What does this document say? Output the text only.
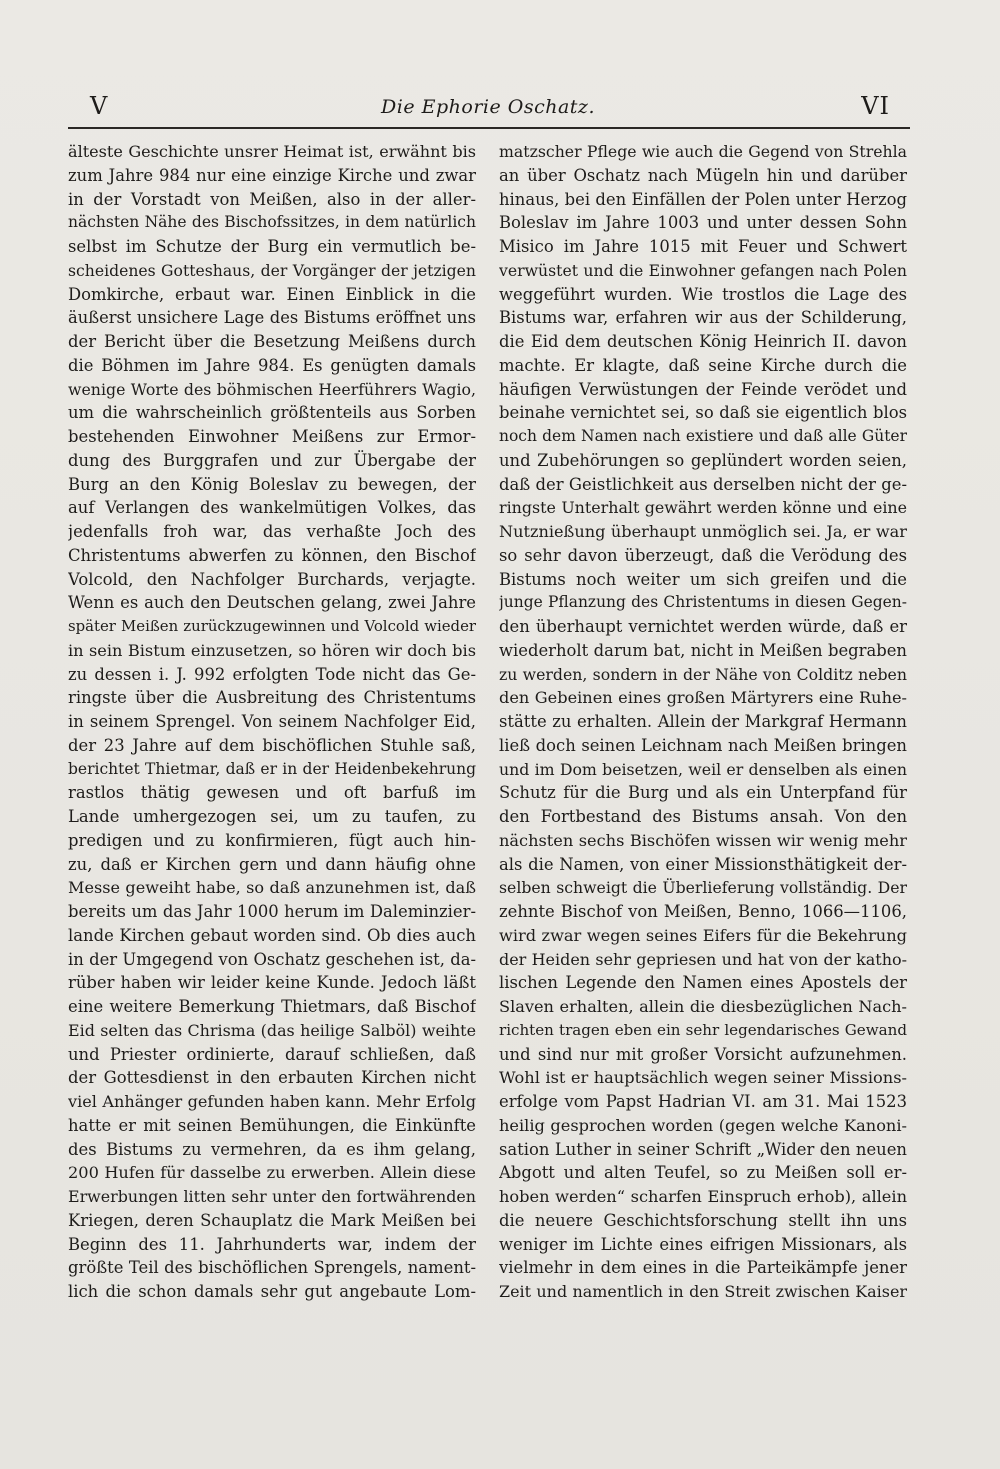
V	Die Ephorie Oschatz.	VI
älteste Geschichte unsrer Heimat ist, erwähnt bis
zum Jahre 984 nur eine einzige Kirche und zwar
in der Vorstadt von Meißen, also in der aller-
nächsten Nähe des Bischofssitzes, in dem natürlich
selbst im Schutze der Burg ein vermutlich be-
scheidenes Gotteshaus, der Vorgänger der jetzigen
Domkirche, erbaut war. Einen Einblick in die
äußerst unsichere Lage des Bistums eröffnet uns
der Bericht über die Besetzung Meißens durch
die Böhmen im Jahre 984. Es genügten damals
wenige Worte des böhmischen Heerführers Wagio,
um die wahrscheinlich größtenteils aus Sorben
bestehenden Einwohner Meißens zur Ermor-
dung des Burggrafen und zur Übergabe der
Burg an den König Boleslav zu bewegen, der
auf Verlangen des wankelmütigen Volkes, das
jedenfalls froh war, das verhaßte Joch des
Christentums abwerfen zu können, den Bischof
Volcold, den Nachfolger Burchards, verjagte.
Wenn es auch den Deutschen gelang, zwei Jahre
später Meißen zurückzugewinnen und Volcold wieder
in sein Bistum einzusetzen, so hören wir doch bis
zu dessen i. J. 992 erfolgten Tode nicht das Ge-
ringste über die Ausbreitung des Christentums
in seinem Sprengel. Von seinem Nachfolger Eid,
der 23 Jahre auf dem bischöflichen Stuhle saß,
berichtet Thietmar, daß er in der Heidenbekehrung
rastlos thätig gewesen und oft barfuß im
Lande umhergezogen sei, um zu taufen, zu
predigen und zu konfirmieren, fügt auch hin-
zu, daß er Kirchen gern und dann häufig ohne
Messe geweiht habe, so daß anzunehmen ist, daß
bereits um das Jahr 1000 herum im Daleminzier-
lande Kirchen gebaut worden sind. Ob dies auch
in der Umgegend von Oschatz geschehen ist, da-
rüber haben wir leider keine Kunde. Jedoch läßt
eine weitere Bemerkung Thietmars, daß Bischof
Eid selten das Chrisma (das heilige Salböl) weihte
und Priester ordinierte, darauf schließen, daß
der Gottesdienst in den erbauten Kirchen nicht
viel Anhänger gefunden haben kann. Mehr Erfolg
hatte er mit seinen Bemühungen, die Einkünfte
des Bistums zu vermehren, da es ihm gelang,
200 Hufen für dasselbe zu erwerben. Allein diese
Erwerbungen litten sehr unter den fortwährenden
Kriegen, deren Schauplatz die Mark Meißen bei
Beginn des 11. Jahrhunderts war, indem der
größte Teil des bischöflichen Sprengels, nament-
lich die schon damals sehr gut angebaute Lom-
matzscher Pflege wie auch die Gegend von Strehla
an über Oschatz nach Mügeln hin und darüber
hinaus, bei den Einfällen der Polen unter Herzog
Boleslav im Jahre 1003 und unter dessen Sohn
Misico im Jahre 1015 mit Feuer und Schwert
verwüstet und die Einwohner gefangen nach Polen
weggeführt wurden. Wie trostlos die Lage des
Bistums war, erfahren wir aus der Schilderung,
die Eid dem deutschen König Heinrich II. davon
machte. Er klagte, daß seine Kirche durch die
häufigen Verwüstungen der Feinde verödet und
beinahe vernichtet sei, so daß sie eigentlich blos
noch dem Namen nach existiere und daß alle Güter
und Zubehörungen so geplündert worden seien,
daß der Geistlichkeit aus derselben nicht der ge-
ringste Unterhalt gewährt werden könne und eine
Nutznießung überhaupt unmöglich sei. Ja, er war
so sehr davon überzeugt, daß die Verödung des
Bistums noch weiter um sich greifen und die
junge Pflanzung des Christentums in diesen Gegen-
den überhaupt vernichtet werden würde, daß er
wiederholt darum bat, nicht in Meißen begraben
zu werden, sondern in der Nähe von Colditz neben
den Gebeinen eines großen Märtyrers eine Ruhe-
stätte zu erhalten. Allein der Markgraf Hermann
ließ doch seinen Leichnam nach Meißen bringen
und im Dom beisetzen, weil er denselben als einen
Schutz für die Burg und als ein Unterpfand für
den Fortbestand des Bistums ansah. Von den
nächsten sechs Bischöfen wissen wir wenig mehr
als die Namen, von einer Missionsthätigkeit der-
selben schweigt die Überlieferung vollständig. Der
zehnte Bischof von Meißen, Benno, 1066—1106,
wird zwar wegen seines Eifers für die Bekehrung
der Heiden sehr gepriesen und hat von der katho-
lischen Legende den Namen eines Apostels der
Slaven erhalten, allein die diesbezüglichen Nach-
richten tragen eben ein sehr legendarisches Gewand
und sind nur mit großer Vorsicht aufzunehmen.
Wohl ist er hauptsächlich wegen seiner Missions-
erfolge vom Papst Hadrian VI. am 31. Mai 1523
heilig gesprochen worden (gegen welche Kanoni-
sation Luther in seiner Schrift „Wider den neuen
Abgott und alten Teufel, so zu Meißen soll er-
hoben werden“ scharfen Einspruch erhob), allein
die neuere Geschichtsforschung stellt ihn uns
weniger im Lichte eines eifrigen Missionars, als
vielmehr in dem eines in die Parteikämpfe jener
Zeit und namentlich in den Streit zwischen Kaiser
